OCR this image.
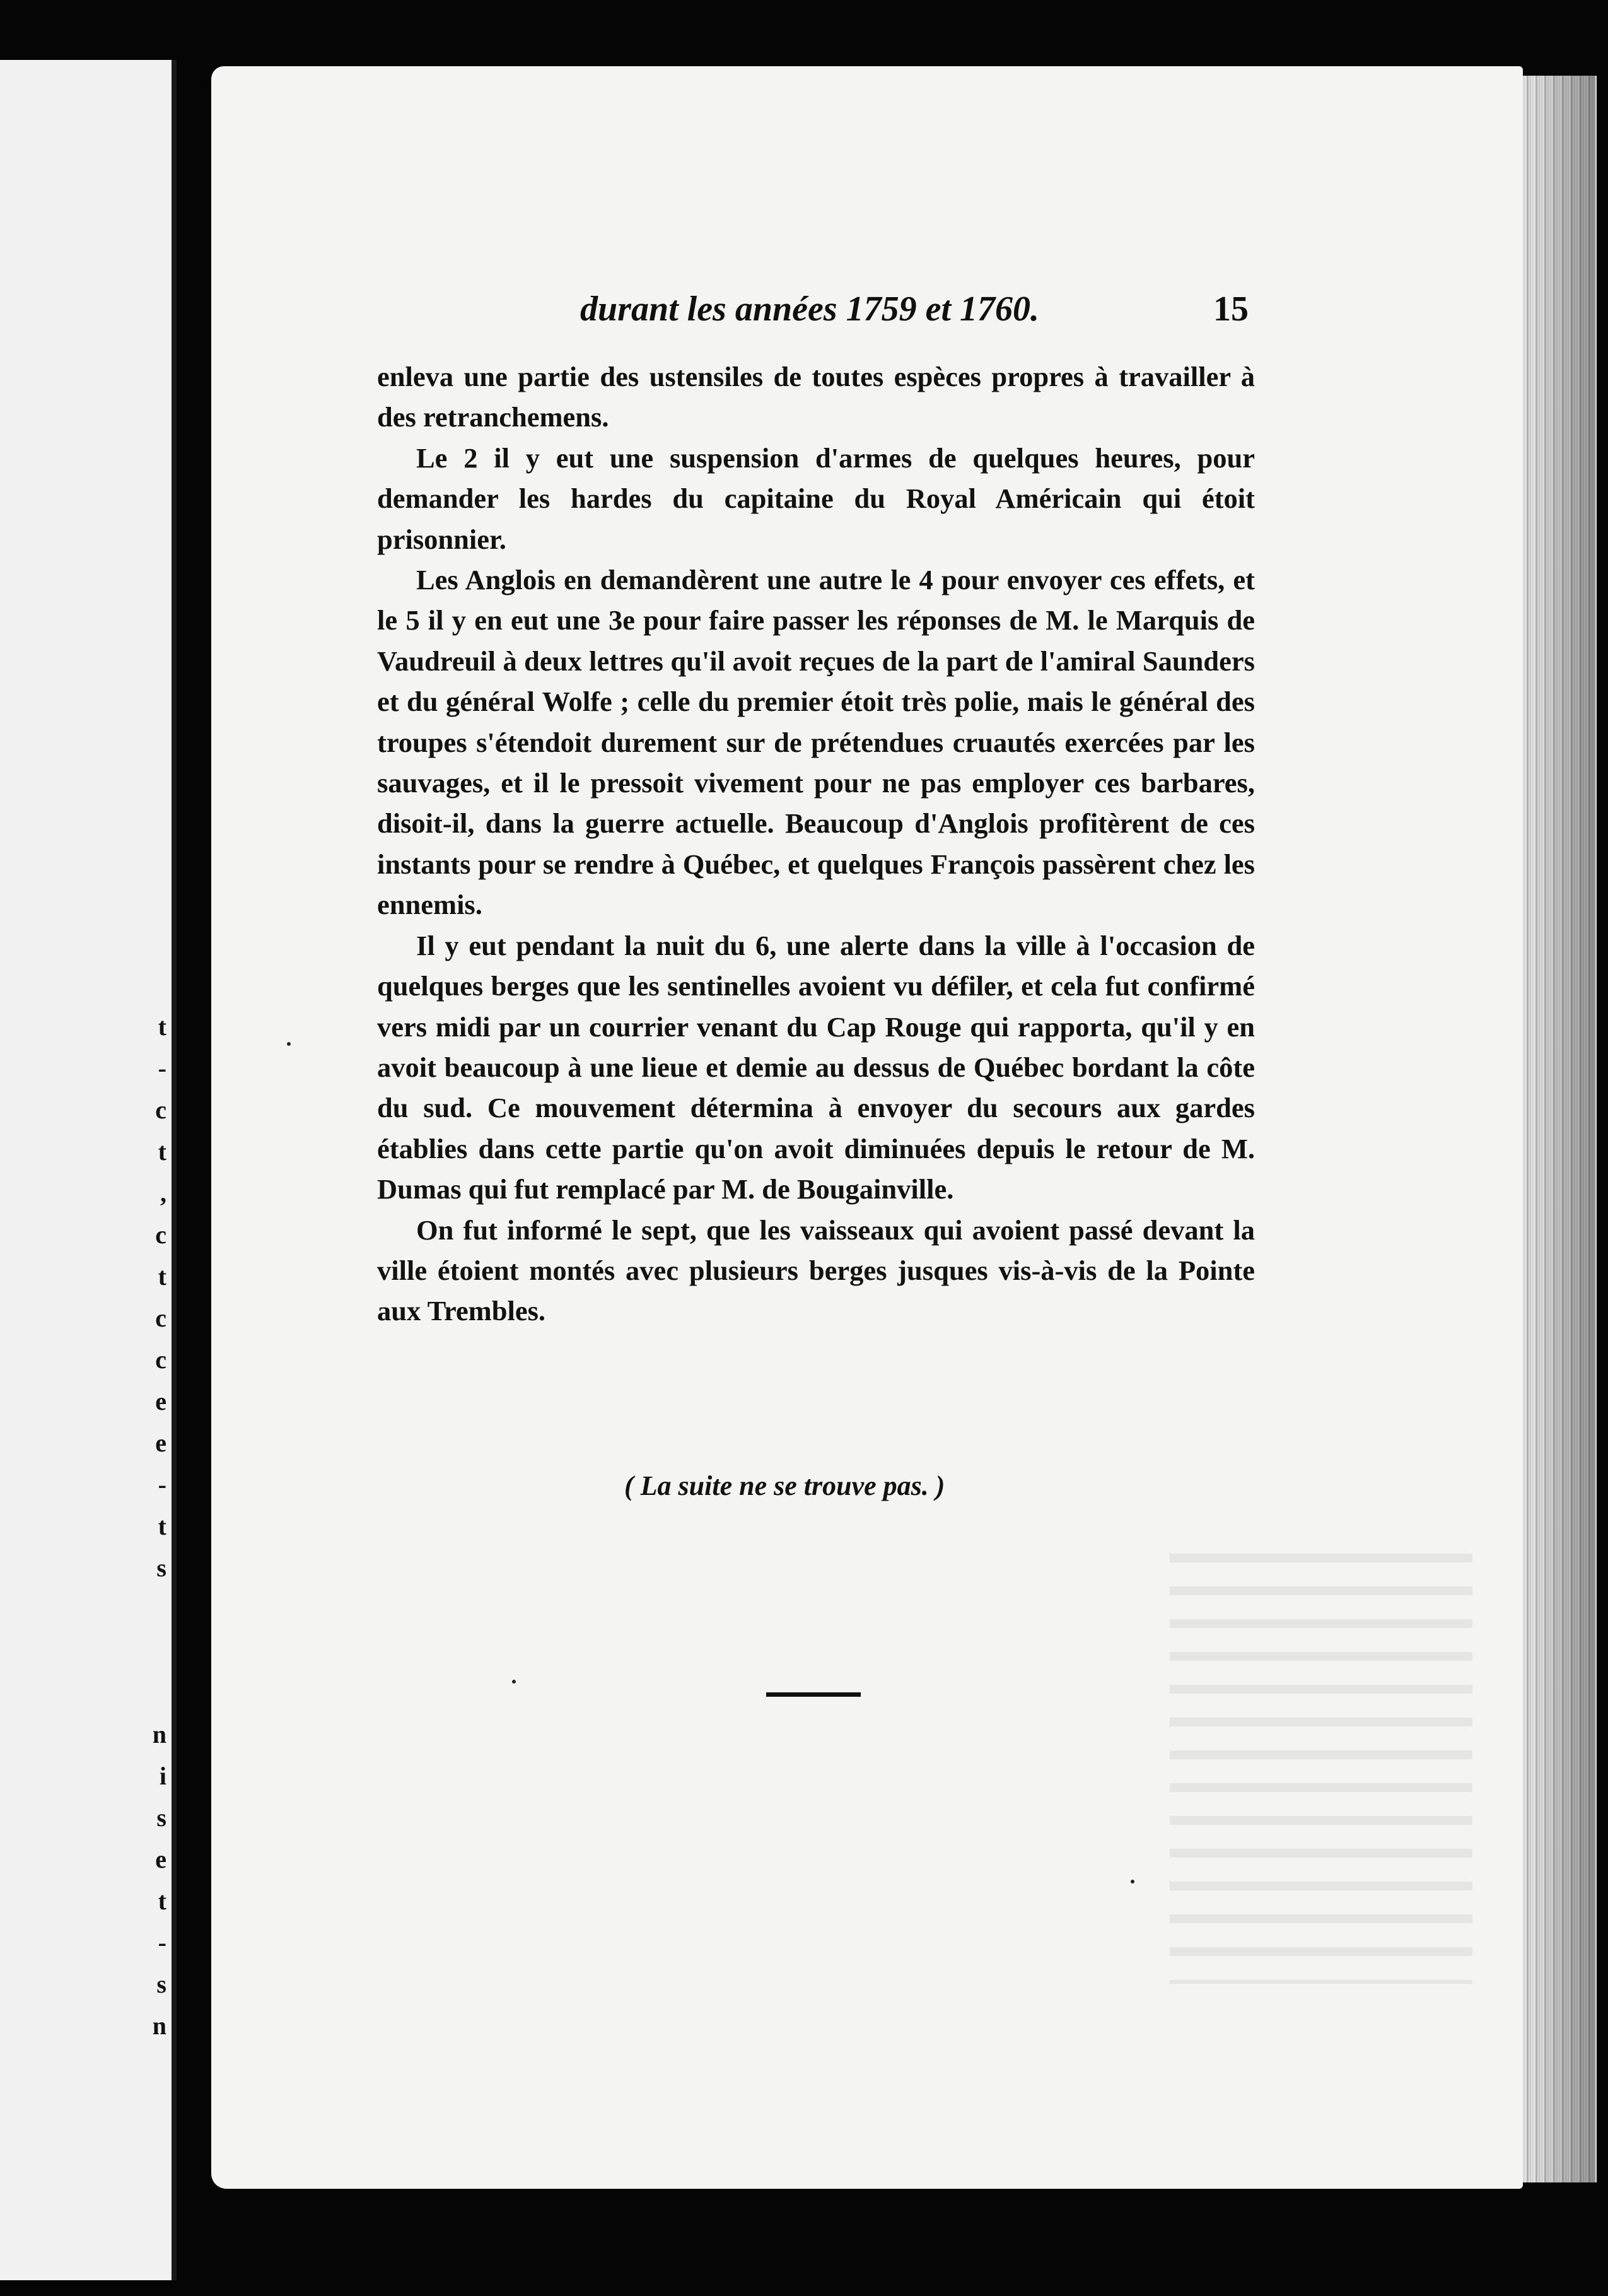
t
-
c
t
,
c
t
c
c
e
e
-
t
s

n
i
s
e
t
-
s
n
durant les années 1759 et 1760.	15

enleva une partie des ustensiles de toutes espèces propres à travailler à des retranchemens.

Le 2 il y eut une suspension d'armes de quelques heures, pour demander les hardes du capitaine du Royal Américain qui étoit prisonnier.

Les Anglois en demandèrent une autre le 4 pour envoyer ces effets, et le 5 il y en eut une 3e pour faire passer les réponses de M. le Marquis de Vaudreuil à deux lettres qu'il avoit reçues de la part de l'amiral Saunders et du général Wolfe ; celle du premier étoit très polie, mais le général des troupes s'étendoit durement sur de prétendues cruautés exercées par les sauvages, et il le pressoit vivement pour ne pas employer ces barbares, disoit-il, dans la guerre actuelle. Beaucoup d'Anglois profitèrent de ces instants pour se rendre à Québec, et quelques François passèrent chez les ennemis.

Il y eut pendant la nuit du 6, une alerte dans la ville à l'occasion de quelques berges que les sentinelles avoient vu défiler, et cela fut confirmé vers midi par un courrier venant du Cap Rouge qui rapporta, qu'il y en avoit beaucoup à une lieue et demie au dessus de Québec bordant la côte du sud. Ce mouvement détermina à envoyer du secours aux gardes établies dans cette partie qu'on avoit diminuées depuis le retour de M. Dumas qui fut remplacé par M. de Bougainville.

On fut informé le sept, que les vaisseaux qui avoient passé devant la ville étoient montés avec plusieurs berges jusques vis-à-vis de la Pointe aux Trembles.

( La suite ne se trouve pas. )
